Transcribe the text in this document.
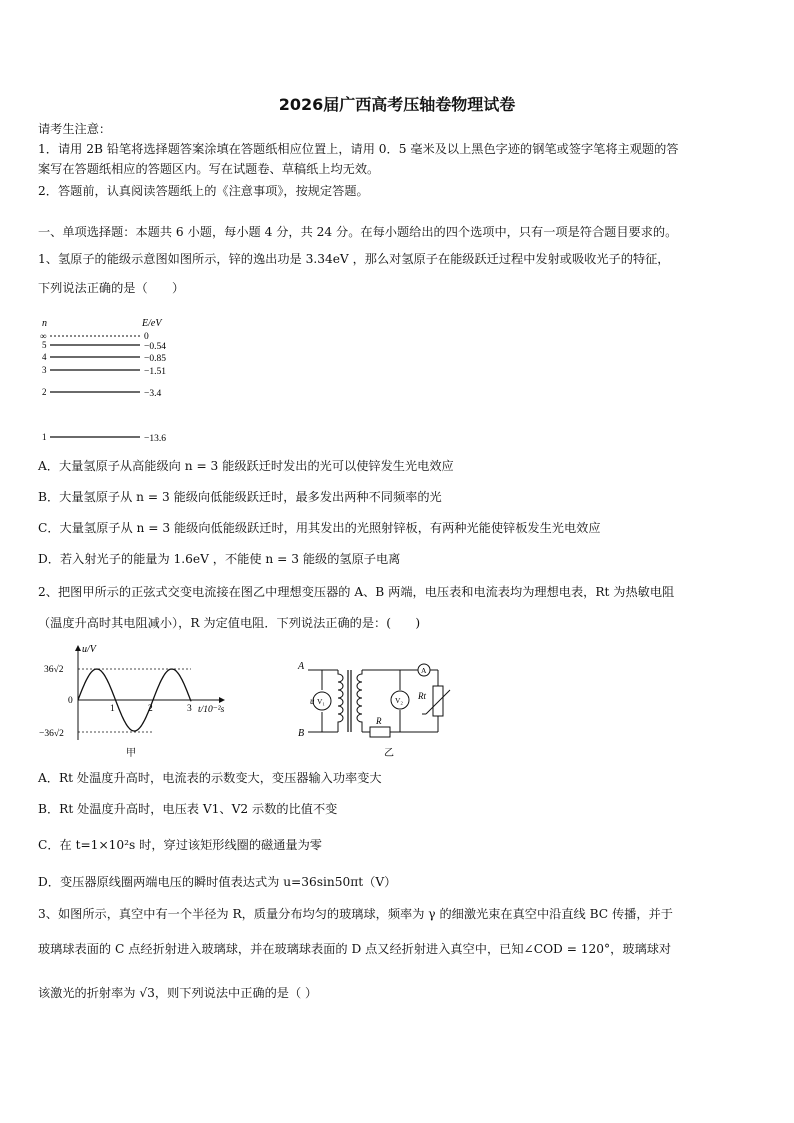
2026届广西高考压轴卷物理试卷
请考生注意：
1．请用 2B 铅笔将选择题答案涂填在答题纸相应位置上，请用 0．5 毫米及以上黑色字迹的钢笔或签字笔将主观题的答
案写在答题纸相应的答题区内。写在试题卷、草稿纸上均无效。
2．答题前，认真阅读答题纸上的《注意事项》，按规定答题。
一、单项选择题：本题共 6 小题，每小题 4 分，共 24 分。在每小题给出的四个选项中，只有一项是符合题目要求的。
1、氢原子的能级示意图如图所示，锌的逸出功是 3.34eV ，那么对氢原子在能级跃迁过程中发射或吸收光子的特征，
下列说法正确的是（　　）
n	E/eV
∞
5
4
3
2
1
0
−0.54
−0.85
−1.51
−3.4
−13.6
A．大量氢原子从高能级向 n = 3 能级跃迁时发出的光可以使锌发生光电效应
B．大量氢原子从 n = 3 能级向低能级跃迁时，最多发出两种不同频率的光
C．大量氢原子从 n = 3 能级向低能级跃迁时，用其发出的光照射锌板，有两种光能使锌板发生光电效应
D．若入射光子的能量为 1.6eV ，不能使 n = 3 能级的氢原子电离
2、把图甲所示的正弦式交变电流接在图乙中理想变压器的 A、B 两端，电压表和电流表均为理想电表，Rt 为热敏电阻
（温度升高时其电阻减小），R 为定值电阻．下列说法正确的是：(　　)
u/V
36√2
−36√2
0
1	2	3 t/10⁻²s
甲
A
B
u V₁	V₂
A
Rt
R
乙
A．Rt 处温度升高时，电流表的示数变大，变压器输入功率变大
B．Rt 处温度升高时，电压表 V1、V2 示数的比值不变
C．在 t=1×10²s 时，穿过该矩形线圈的磁通量为零
D．变压器原线圈两端电压的瞬时值表达式为 u=36sin50πt（V）
3、如图所示，真空中有一个半径为 R，质量分布均匀的玻璃球，频率为 γ 的细激光束在真空中沿直线 BC 传播，并于
玻璃球表面的 C 点经折射进入玻璃球，并在玻璃球表面的 D 点又经折射进入真空中，已知∠COD = 120°，玻璃球对
该激光的折射率为 √3，则下列说法中正确的是（ ）
